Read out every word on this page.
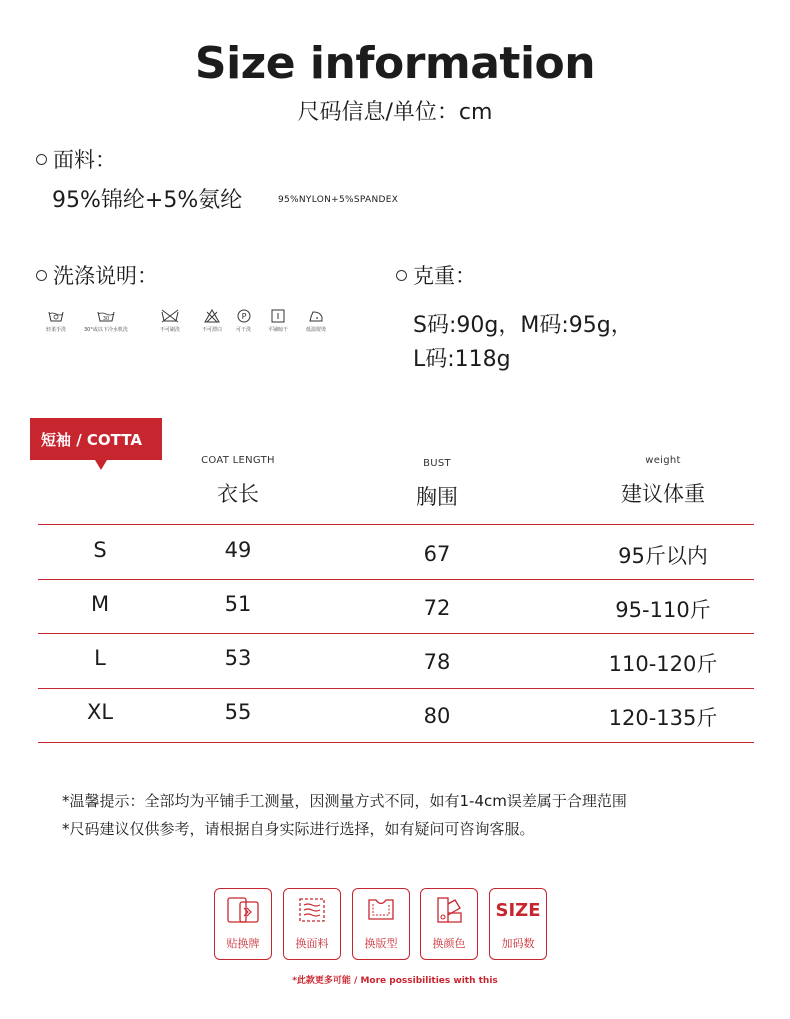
Size information
尺码信息/单位：cm
面料：
95%锦纶+5%氨纶	95%NYLON+5%SPANDEX
洗涤说明：
轻柔手洗
30
30°或以下冷水机洗	不可刷洗	不可漂白
P
可干洗	平铺晾干	低温熨烫
克重：
S码:90g，M码:95g，
L码:118g
短袖 / COTTA
COAT LENGTH
衣长
BUST
胸围
weight
建议体重
S	49	67	95斤以内
M	51	72	95-110斤
L	53	78	110-120斤
XL	55	80	120-135斤
*温馨提示：全部均为平铺手工测量，因测量方式不同，如有1-4cm误差属于合理范围
*尺码建议仅供参考，请根据自身实际进行选择，如有疑问可咨询客服。
贴换牌	换面料	换版型	换颜色
SIZE
加码数
*此款更多可能 / More possibilities with this
